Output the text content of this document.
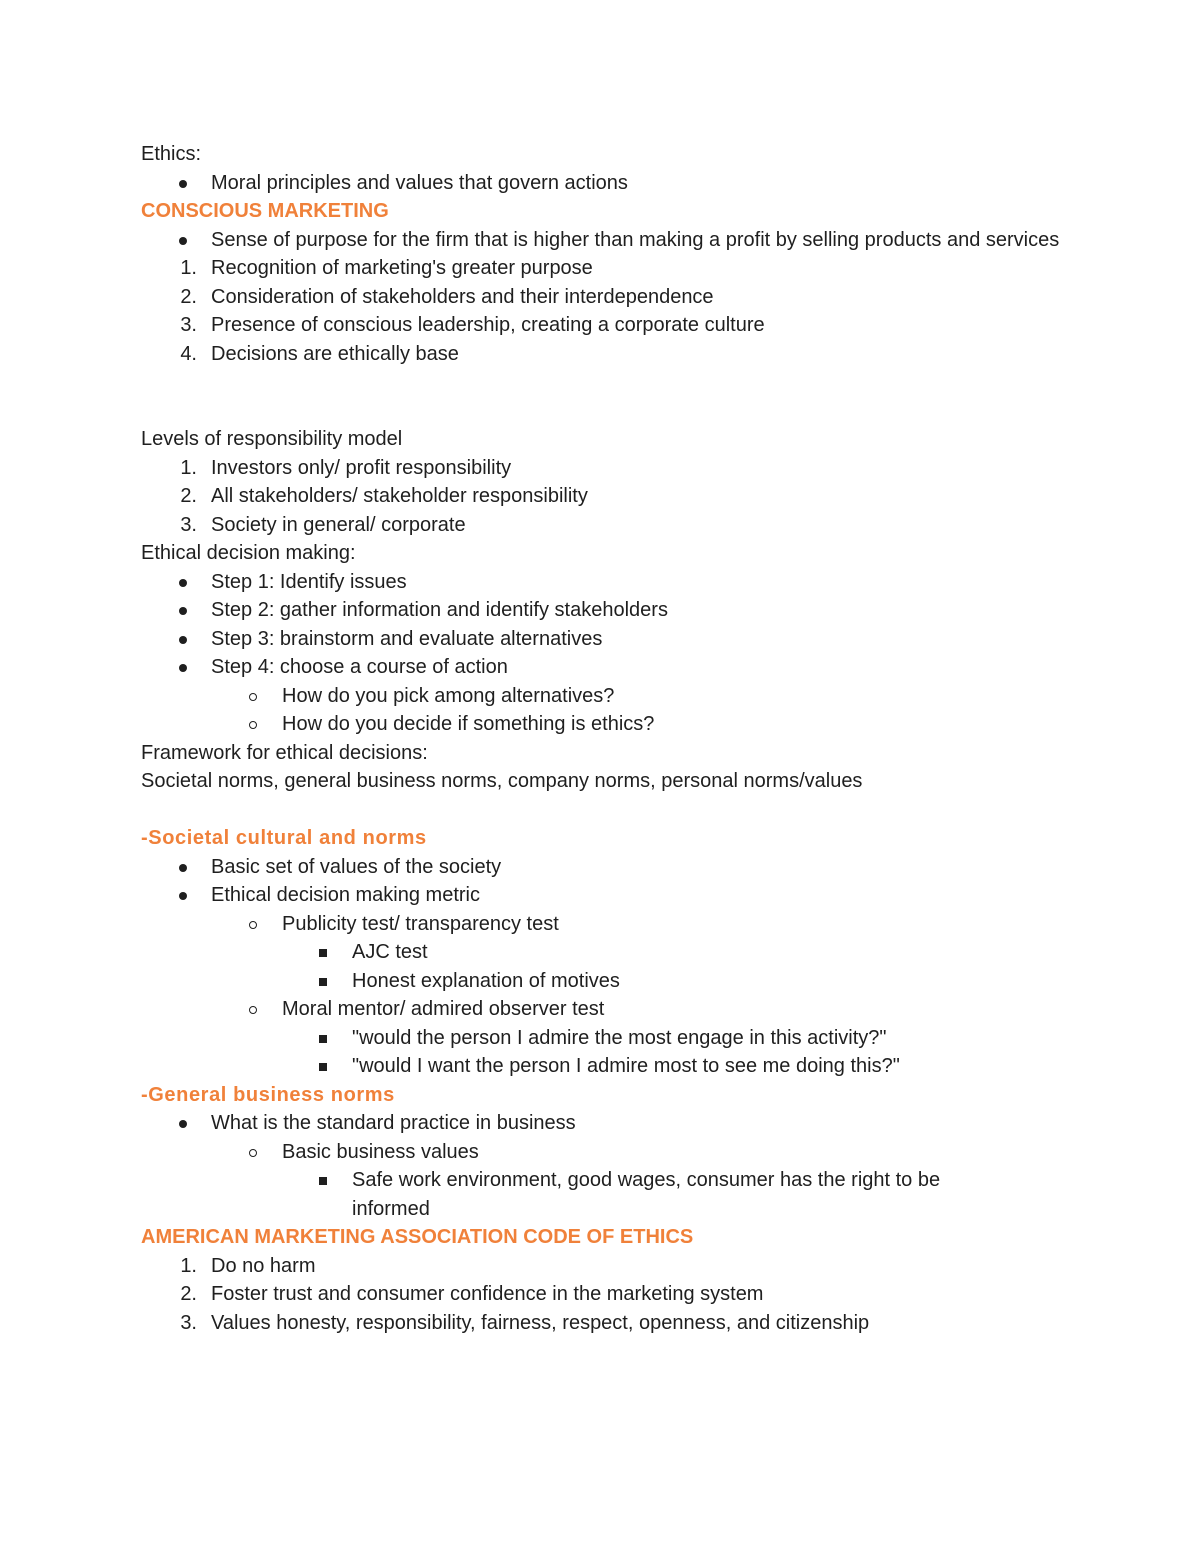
Ethics:

Moral principles and values that govern actions

CONSCIOUS MARKETING

Sense of purpose for the firm that is higher than making a profit by selling products and services
1. Recognition of marketing's greater purpose
2. Consideration of stakeholders and their interdependence
3. Presence of conscious leadership, creating a corporate culture
4. Decisions are ethically base

Levels of responsibility model

1. Investors only/ profit responsibility
2. All stakeholders/ stakeholder responsibility
3. Society in general/ corporate

Ethical decision making:

Step 1: Identify issues
Step 2: gather information and identify stakeholders
Step 3: brainstorm and evaluate alternatives
Step 4: choose a course of action
How do you pick among alternatives?
How do you decide if something is ethics?

Framework for ethical decisions:

Societal norms, general business norms, company norms, personal norms/values

-Societal cultural and norms

Basic set of values of the society
Ethical decision making metric
Publicity test/ transparency test
AJC test
Honest explanation of motives
Moral mentor/ admired observer test
"would the person I admire the most engage in this activity?"
"would I want the person I admire most to see me doing this?"

-General business norms

What is the standard practice in business
Basic business values
Safe work environment, good wages, consumer has the right to be informed

AMERICAN MARKETING ASSOCIATION CODE OF ETHICS

1. Do no harm
2. Foster trust and consumer confidence in the marketing system
3. Values honesty, responsibility, fairness, respect, openness, and citizenship
